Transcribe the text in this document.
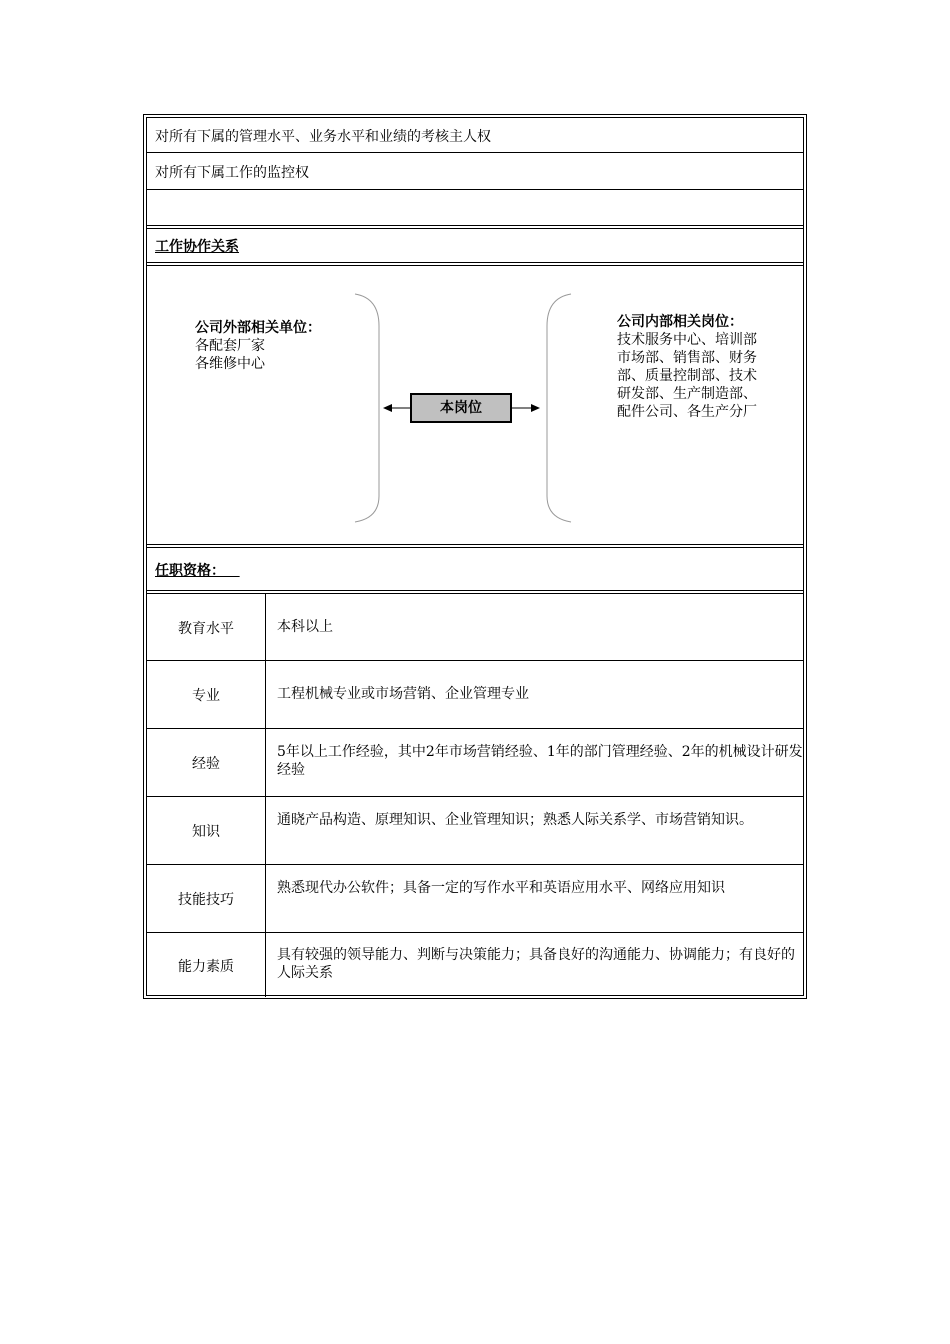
对所有下属的管理水平、业务水平和业绩的考核主人权
对所有下属工作的监控权
工作协作关系
公司外部相关单位：
各配套厂家
各维修中心
本岗位
公司内部相关岗位：
技术服务中心、培训部
市场部、销售部、财务
部、质量控制部、技术
研发部、生产制造部、
配件公司、各生产分厂
任职资格：
教育水平	本科以上
专业	工程机械专业或市场营销、企业管理专业
经验
5年以上工作经验，其中2年市场营销经验、1年的部门管理经验、2年的机械设计研发经验
知识
通晓产品构造、原理知识、企业管理知识；熟悉人际关系学、市场营销知识。
技能技巧
熟悉现代办公软件；具备一定的写作水平和英语应用水平、网络应用知识
能力素质
具有较强的领导能力、判断与决策能力；具备良好的沟通能力、协调能力；有良好的人际关系
